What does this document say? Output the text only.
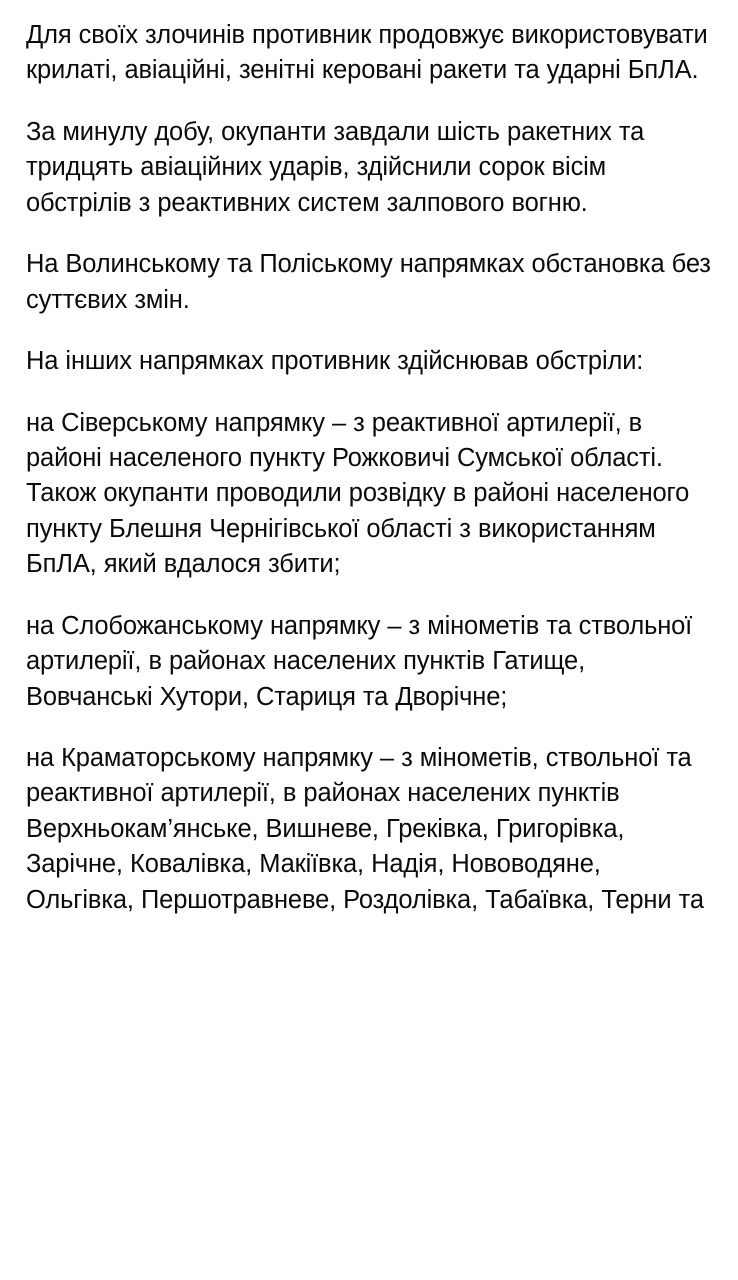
Для своїх злочинів противник продовжує використовувати крилаті, авіаційні, зенітні керовані ракети та ударні БпЛА.

За минулу добу, окупанти завдали шість ракетних та тридцять авіаційних ударів, здійснили сорок вісім обстрілів з реактивних систем залпового вогню.

На Волинському та Поліському напрямках обстановка без суттєвих змін.

На інших напрямках противник здійснював обстріли:

на Сіверському напрямку – з реактивної артилерії, в районі населеного пункту Рожковичі Сумської області. Також окупанти проводили розвідку в районі населеного пункту Блешня Чернігівської області з використанням БпЛА, який вдалося збити;

на Слобожанському напрямку – з мінометів та ствольної артилерії, в районах населених пунктів Гатище, Вовчанські Хутори, Стариця та Дворічне;

на Краматорському напрямку – з мінометів, ствольної та реактивної артилерії, в районах населених пунктів Верхньокам’янське, Вишневе, Греківка, Григорівка, Зарічне, Ковалівка, Макіївка, Надія, Нововодяне, Ольгівка, Першотравневе, Роздолівка, Табаївка, Терни та
